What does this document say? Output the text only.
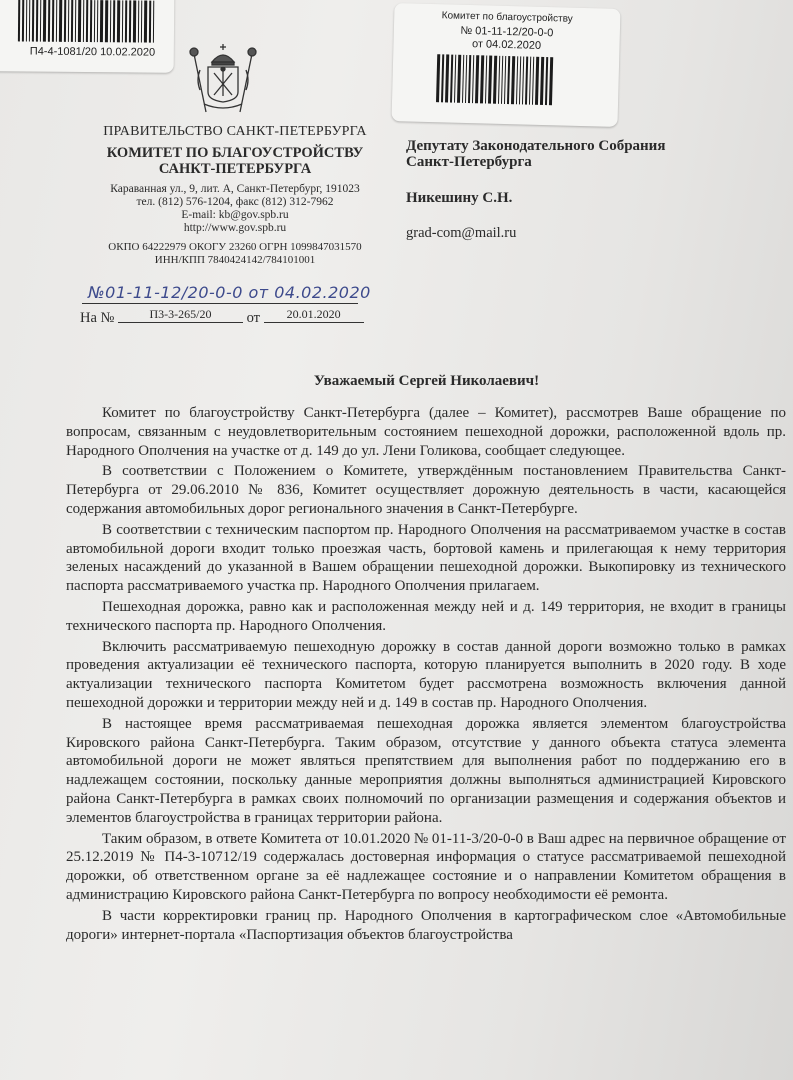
П4-4-1081/20 10.02.2020
Комитет по благоустройству
№ 01-11-12/20-0-0
от 04.02.2020
ПРАВИТЕЛЬСТВО САНКТ-ПЕТЕРБУРГА
КОМИТЕТ ПО БЛАГОУСТРОЙСТВУ
САНКТ-ПЕТЕРБУРГА
Караванная ул., 9, лит. А, Санкт-Петербург, 191023
тел. (812) 576-1204, факс (812) 312-7962
E-mail: kb@gov.spb.ru
http://www.gov.spb.ru
ОКПО 64222979 ОКОГУ 23260 ОГРН 1099847031570
ИНН/КПП 7840424142/784101001
Депутату Законодательного Собрания
Санкт-Петербурга
Никешину С.Н.
grad-com@mail.ru
№01-11-12/20-0-0 от 04.02.2020
На №	П3-3-265/20 от 20.01.2020
Уважаемый Сергей Николаевич!

Комитет по благоустройству Санкт-Петербурга (далее – Комитет), рассмотрев Ваше обращение по вопросам, связанным с неудовлетворительным состоянием пешеходной дорожки, расположенной вдоль пр. Народного Ополчения на участке от д. 149 до ул. Лени Голикова, сообщает следующее.

В соответствии с Положением о Комитете, утверждённым постановлением Правительства Санкт-Петербурга от 29.06.2010 № 836, Комитет осуществляет дорожную деятельность в части, касающейся содержания автомобильных дорог регионального значения в Санкт-Петербурге.

В соответствии с техническим паспортом пр. Народного Ополчения на рассматриваемом участке в состав автомобильной дороги входит только проезжая часть, бортовой камень и прилегающая к нему территория зеленых насаждений до указанной в Вашем обращении пешеходной дорожки. Выкопировку из технического паспорта рассматриваемого участка пр. Народного Ополчения прилагаем.

Пешеходная дорожка, равно как и расположенная между ней и д. 149 территория, не входит в границы технического паспорта пр. Народного Ополчения.

Включить рассматриваемую пешеходную дорожку в состав данной дороги возможно только в рамках проведения актуализации её технического паспорта, которую планируется выполнить в 2020 году. В ходе актуализации технического паспорта Комитетом будет рассмотрена возможность включения данной пешеходной дорожки и территории между ней и д. 149 в состав пр. Народного Ополчения.

В настоящее время рассматриваемая пешеходная дорожка является элементом благоустройства Кировского района Санкт-Петербурга. Таким образом, отсутствие у данного объекта статуса элемента автомобильной дороги не может являться препятствием для выполнения работ по поддержанию его в надлежащем состоянии, поскольку данные мероприятия должны выполняться администрацией Кировского района Санкт-Петербурга в рамках своих полномочий по организации размещения и содержания объектов и элементов благоустройства в границах территории района.

Таким образом, в ответе Комитета от 10.01.2020 № 01-11-3/20-0-0 в Ваш адрес на первичное обращение от 25.12.2019 № П4-3-10712/19 содержалась достоверная информация о статусе рассматриваемой пешеходной дорожки, об ответственном органе за её надлежащее состояние и о направлении Комитетом обращения в администрацию Кировского района Санкт-Петербурга по вопросу необходимости её ремонта.

В части корректировки границ пр. Народного Ополчения в картографическом слое «Автомобильные дороги» интернет-портала «Паспортизация объектов благоустройства
